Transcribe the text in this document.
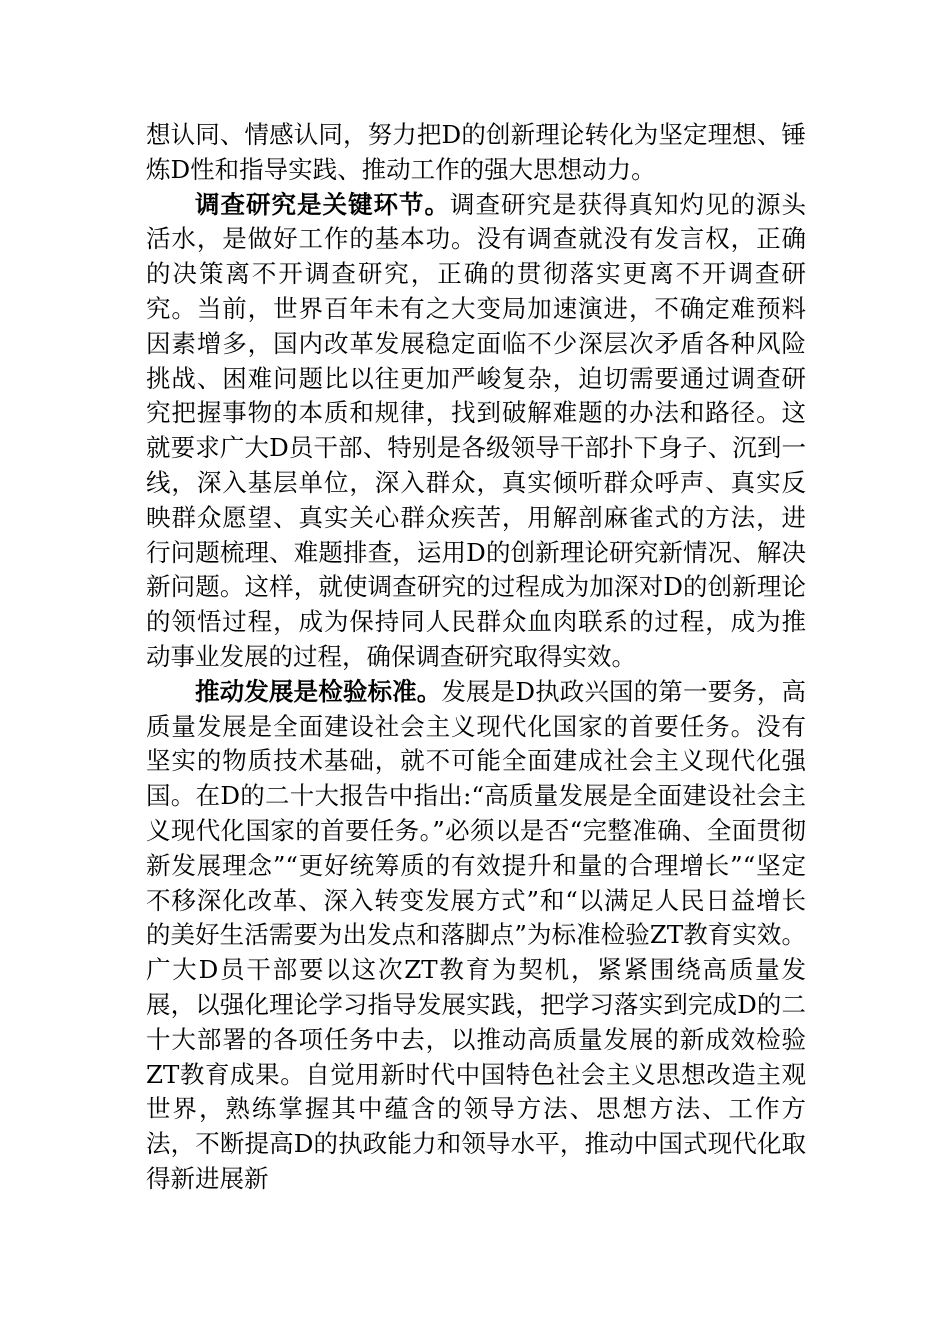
想认同、情感认同，努力把D的创新理论转化为坚定理想、锤炼D性和指导实践、推动工作的强大思想动力。

调查研究是关键环节。调查研究是获得真知灼见的源头活水，是做好工作的基本功。没有调查就没有发言权，正确的决策离不开调查研究，正确的贯彻落实更离不开调查研究。当前，世界百年未有之大变局加速演进，不确定难预料因素增多，国内改革发展稳定面临不少深层次矛盾各种风险挑战、困难问题比以往更加严峻复杂，迫切需要通过调查研究把握事物的本质和规律，找到破解难题的办法和路径。这就要求广大D员干部、特别是各级领导干部扑下身子、沉到一线，深入基层单位，深入群众，真实倾听群众呼声、真实反映群众愿望、真实关心群众疾苦，用解剖麻雀式的方法，进行问题梳理、难题排查，运用D的创新理论研究新情况、解决新问题。这样，就使调查研究的过程成为加深对D的创新理论的领悟过程，成为保持同人民群众血肉联系的过程，成为推动事业发展的过程，确保调查研究取得实效。

推动发展是检验标准。发展是D执政兴国的第一要务，高质量发展是全面建设社会主义现代化国家的首要任务。没有坚实的物质技术基础，就不可能全面建成社会主义现代化强国。在D的二十大报告中指出:“高质量发展是全面建设社会主义现代化国家的首要任务。”必须以是否“完整准确、全面贯彻新发展理念”“更好统筹质的有效提升和量的合理增长”“坚定不移深化改革、深入转变发展方式”和“以满足人民日益增长的美好生活需要为出发点和落脚点”为标准检验ZT教育实效。广大D员干部要以这次ZT教育为契机，紧紧围绕高质量发展，以强化理论学习指导发展实践，把学习落实到完成D的二十大部署的各项任务中去，以推动高质量发展的新成效检验ZT教育成果。自觉用新时代中国特色社会主义思想改造主观世界，熟练掌握其中蕴含的领导方法、思想方法、工作方法，不断提高D的执政能力和领导水平，推动中国式现代化取得新进展新
